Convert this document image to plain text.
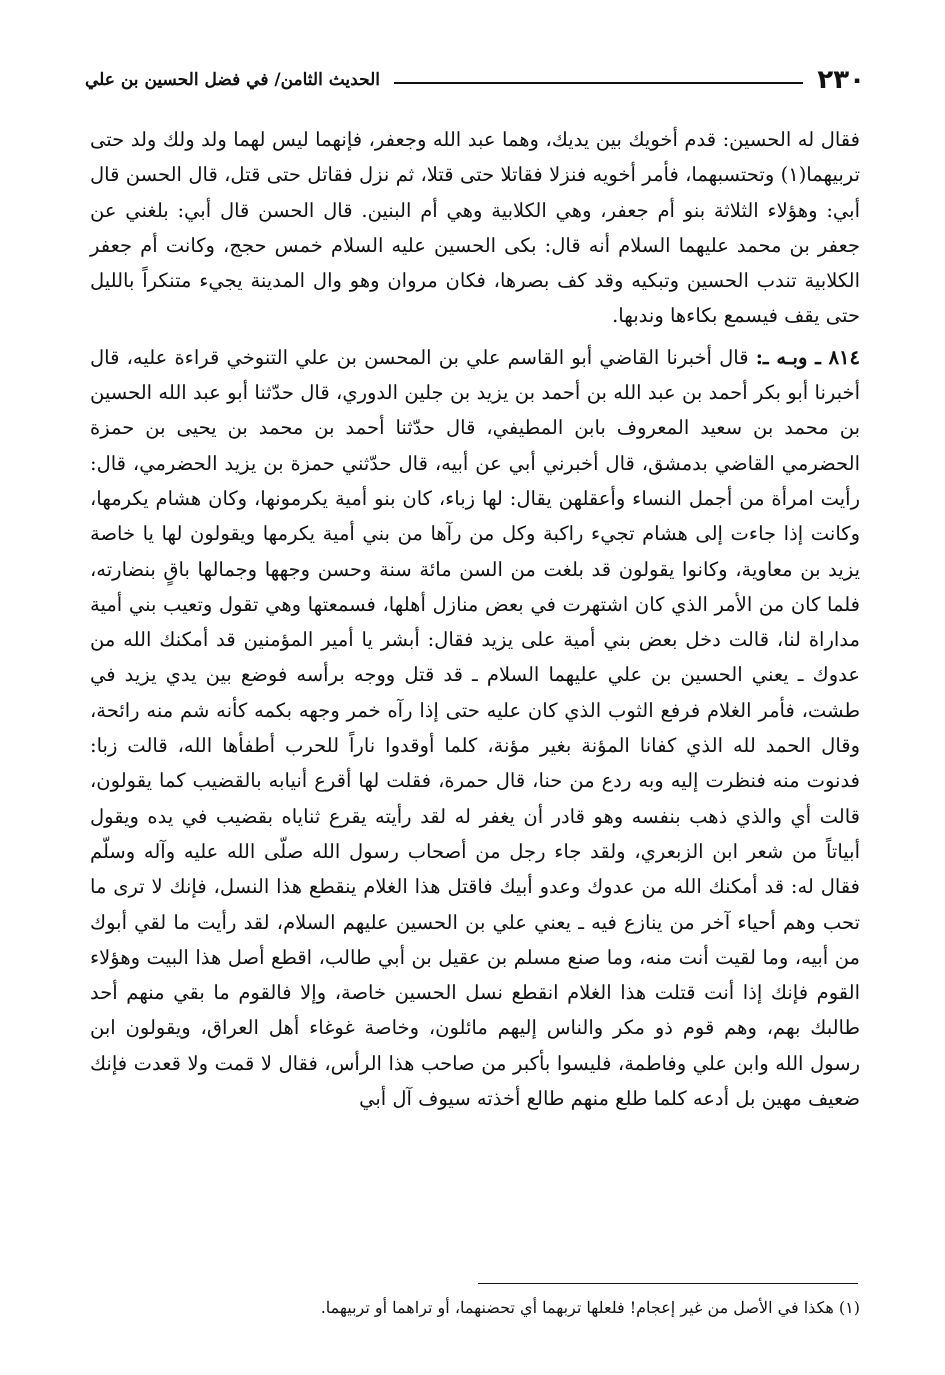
٢٣٠
الحديث الثامن/ في فضل الحسين بن علي

فقال له الحسين: قدم أخويك بين يديك، وهما عبد الله وجعفر، فإنهما ليس لهما ولد ولك ولد حتى تربيهما(١) وتحتسبهما، فأمر أخويه فنزلا فقاتلا حتى قتلا، ثم نزل فقاتل حتى قتل، قال الحسن قال أبي: وهؤلاء الثلاثة بنو أم جعفر، وهي الكلابية وهي أم البنين. قال الحسن قال أبي: بلغني عن جعفر بن محمد عليهما السلام أنه قال: بكى الحسين عليه السلام خمس حجج، وكانت أم جعفر الكلابية تندب الحسين وتبكيه وقد كف بصرها، فكان مروان وهو وال المدينة يجيء متنكراً بالليل حتى يقف فيسمع بكاءها وندبها.

٨١٤ ـ وبـه ـ: قال أخبرنا القاضي أبو القاسم علي بن المحسن بن علي التنوخي قراءة عليه، قال أخبرنا أبو بكر أحمد بن عبد الله بن أحمد بن يزيد بن جلين الدوري، قال حدّثنا أبو عبد الله الحسين بن محمد بن سعيد المعروف بابن المطيفي، قال حدّثنا أحمد بن محمد بن يحيى بن حمزة الحضرمي القاضي بدمشق، قال أخبرني أبي عن أبيه، قال حدّثني حمزة بن يزيد الحضرمي، قال: رأيت امرأة من أجمل النساء وأعقلهن يقال: لها زباء، كان بنو أمية يكرمونها، وكان هشام يكرمها، وكانت إذا جاءت إلى هشام تجيء راكبة وكل من رآها من بني أمية يكرمها ويقولون لها يا خاصة يزيد بن معاوية، وكانوا يقولون قد بلغت من السن مائة سنة وحسن وجهها وجمالها باقٍ بنضارته، فلما كان من الأمر الذي كان اشتهرت في بعض منازل أهلها، فسمعتها وهي تقول وتعيب بني أمية مداراة لنا، قالت دخل بعض بني أمية على يزيد فقال: أبشر يا أمير المؤمنين قد أمكنك الله من عدوك ـ يعني الحسين بن علي عليهما السلام ـ قد قتل ووجه برأسه فوضع بين يدي يزيد في طشت، فأمر الغلام فرفع الثوب الذي كان عليه حتى إذا رآه خمر وجهه بكمه كأنه شم منه رائحة، وقال الحمد لله الذي كفانا المؤنة بغير مؤنة، كلما أوقدوا ناراً للحرب أطفأها الله، قالت زبا: فدنوت منه فنظرت إليه وبه ردع من حنا، قال حمرة، فقلت لها أقرع أنيابه بالقضيب كما يقولون، قالت أي والذي ذهب بنفسه وهو قادر أن يغفر له لقد رأيته يقرع ثناياه بقضيب في يده ويقول أبياتاً من شعر ابن الزبعري، ولقد جاء رجل من أصحاب رسول الله صلّى الله عليه وآله وسلّم فقال له: قد أمكنك الله من عدوك وعدو أبيك فاقتل هذا الغلام ينقطع هذا النسل، فإنك لا ترى ما تحب وهم أحياء آخر من ينازع فيه ـ يعني علي بن الحسين عليهم السلام، لقد رأيت ما لقي أبوك من أبيه، وما لقيت أنت منه، وما صنع مسلم بن عقيل بن أبي طالب، اقطع أصل هذا البيت وهؤلاء القوم فإنك إذا أنت قتلت هذا الغلام انقطع نسل الحسين خاصة، وإلا فالقوم ما بقي منهم أحد طالبك بهم، وهم قوم ذو مكر والناس إليهم مائلون، وخاصة غوغاء أهل العراق، ويقولون ابن رسول الله وابن علي وفاطمة، فليسوا بأكبر من صاحب هذا الرأس، فقال لا قمت ولا قعدت فإنك ضعيف مهين بل أدعه كلما طلع منهم طالع أخذته سيوف آل أبي

(١) هكذا في الأصل من غير إعجام! فلعلها تربهما أي تحضنهما، أو تراهما أو تربيهما.
